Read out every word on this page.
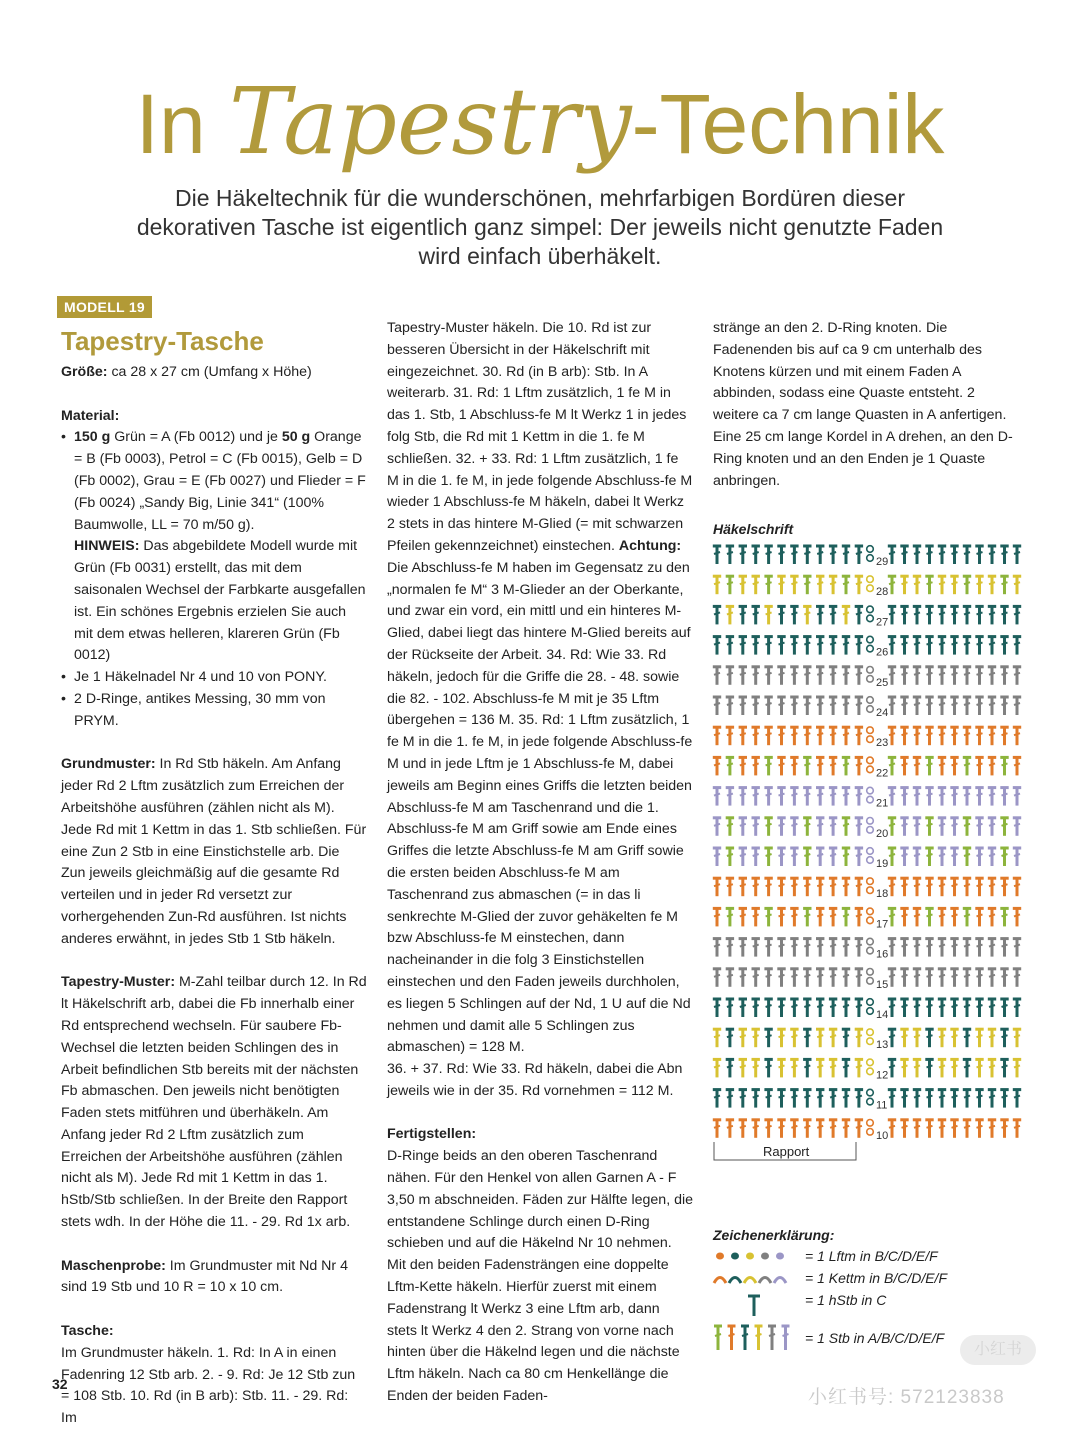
In Tapestry-Technik
Die Häkeltechnik für die wunderschönen, mehrfarbigen Bordüren dieser dekorativen Tasche ist eigentlich ganz simpel: Der jeweils nicht genutzte Faden wird einfach überhäkelt.
MODELL 19
Tapestry-Tasche

Größe: ca 28 x 27 cm (Umfang x Höhe)

Material:

• 150 g Grün = A (Fb 0012) und je 50 g Orange = B (Fb 0003), Petrol = C (Fb 0015), Gelb = D (Fb 0002), Grau = E (Fb 0027) und Flieder = F (Fb 0024) „Sandy Big, Linie 341“ (100% Baumwolle, LL = 70 m/50 g).

HINWEIS: Das abgebildete Modell wurde mit Grün (Fb 0031) erstellt, das mit dem saisonalen Wechsel der Farbkarte ausgefallen ist. Ein schönes Ergebnis erzielen Sie auch mit dem etwas helleren, klareren Grün (Fb 0012)

• Je 1 Häkelnadel Nr 4 und 10 von PONY.
• 2 D-Ringe, antikes Messing, 30 mm von PRYM.

Grundmuster: In Rd Stb häkeln. Am Anfang jeder Rd 2 Lftm zusätzlich zum Erreichen der Arbeitshöhe ausführen (zählen nicht als M). Jede Rd mit 1 Kettm in das 1. Stb schließen. Für eine Zun 2 Stb in eine Einstichstelle arb. Die Zun jeweils gleichmäßig auf die gesamte Rd verteilen und in jeder Rd versetzt zur vorhergehenden Zun-Rd ausführen. Ist nichts anderes erwähnt, in jedes Stb 1 Stb häkeln.

Tapestry-Muster: M-Zahl teilbar durch 12. In Rd lt Häkelschrift arb, dabei die Fb innerhalb einer Rd entsprechend wechseln. Für saubere Fb-Wechsel die letzten beiden Schlingen des in Arbeit befindlichen Stb bereits mit der nächsten Fb abmaschen. Den jeweils nicht benötigten Faden stets mitführen und überhäkeln. Am Anfang jeder Rd 2 Lftm zusätzlich zum Erreichen der Arbeitshöhe ausführen (zählen nicht als M). Jede Rd mit 1 Kettm in das 1. hStb/Stb schließen. In der Breite den Rapport stets wdh. In der Höhe die 11. - 29. Rd 1x arb.

Maschenprobe: Im Grundmuster mit Nd Nr 4 sind 19 Stb und 10 R = 10 x 10 cm.

Tasche:

Im Grundmuster häkeln. 1. Rd: In A in einen Fadenring 12 Stb arb. 2. - 9. Rd: Je 12 Stb zun = 108 Stb. 10. Rd (in B arb): Stb. 11. - 29. Rd: Im

Tapestry-Muster häkeln. Die 10. Rd ist zur besseren Übersicht in der Häkelschrift mit eingezeichnet. 30. Rd (in B arb): Stb. In A weiterarb. 31. Rd: 1 Lftm zusätzlich, 1 fe M in das 1. Stb, 1 Abschluss-fe M lt Werkz 1 in jedes folg Stb, die Rd mit 1 Kettm in die 1. fe M schließen. 32. + 33. Rd: 1 Lftm zusätzlich, 1 fe M in die 1. fe M, in jede folgende Abschluss-fe M wieder 1 Abschluss-fe M häkeln, dabei lt Werkz 2 stets in das hintere M-Glied (= mit schwarzen Pfeilen gekennzeichnet) einstechen. Achtung: Die Abschluss-fe M haben im Gegensatz zu den „normalen fe M“ 3 M-Glieder an der Oberkante, und zwar ein vord, ein mittl und ein hinteres M-Glied, dabei liegt das hintere M-Glied bereits auf der Rückseite der Arbeit. 34. Rd: Wie 33. Rd häkeln, jedoch für die Griffe die 28. - 48. sowie die 82. - 102. Abschluss-fe M mit je 35 Lftm übergehen = 136 M. 35. Rd: 1 Lftm zusätzlich, 1 fe M in die 1. fe M, in jede folgende Abschluss-fe M und in jede Lftm je 1 Abschluss-fe M, dabei jeweils am Beginn eines Griffs die letzten beiden Abschluss-fe M am Taschenrand und die 1. Abschluss-fe M am Griff sowie am Ende eines Griffes die letzte Abschluss-fe M am Griff sowie die ersten beiden Abschluss-fe M am Taschenrand zus abmaschen (= in das li senkrechte M-Glied der zuvor gehäkelten fe M bzw Abschluss-fe M einstechen, dann nacheinander in die folg 3 Einstichstellen einstechen und den Faden jeweils durchholen, es liegen 5 Schlingen auf der Nd, 1 U auf die Nd nehmen und damit alle 5 Schlingen zus abmaschen) = 128 M.

36. + 37. Rd: Wie 33. Rd häkeln, dabei die Abn jeweils wie in der 35. Rd vornehmen = 112 M.

Fertigstellen:

D-Ringe beids an den oberen Taschenrand nähen. Für den Henkel von allen Garnen A - F 3,50 m abschneiden. Fäden zur Hälfte legen, die entstandene Schlinge durch einen D-Ring schieben und auf die Häkelnd Nr 10 nehmen. Mit den beiden Fadensträngen eine doppelte Lftm-Kette häkeln. Hierfür zuerst mit einem Fadenstrang lt Werkz 3 eine Lftm arb, dann stets lt Werkz 4 den 2. Strang von vorne nach hinten über die Häkelnd legen und die nächste Lftm häkeln. Nach ca 80 cm Henkellänge die Enden der beiden Faden-

stränge an den 2. D-Ring knoten. Die Fadenenden bis auf ca 9 cm unterhalb des Knotens kürzen und mit einem Faden A abbinden, sodass eine Quaste entsteht. 2 weitere ca 7 cm lange Quasten in A anfertigen. Eine 25 cm lange Kordel in A drehen, an den D-Ring knoten und an den Enden je 1 Quaste anbringen.

Häkelschrift
29
28
27
26
25
24
23
22
21
20
19
18
17
16
15
14
13
12
11
10
Rapport
Zeichenerklärung:
= 1 Lftm in B/C/D/E/F
= 1 Kettm in B/C/D/E/F
= 1 hStb in C
= 1 Stb in A/B/C/D/E/F
32
小红书
小红书号: 572123838
